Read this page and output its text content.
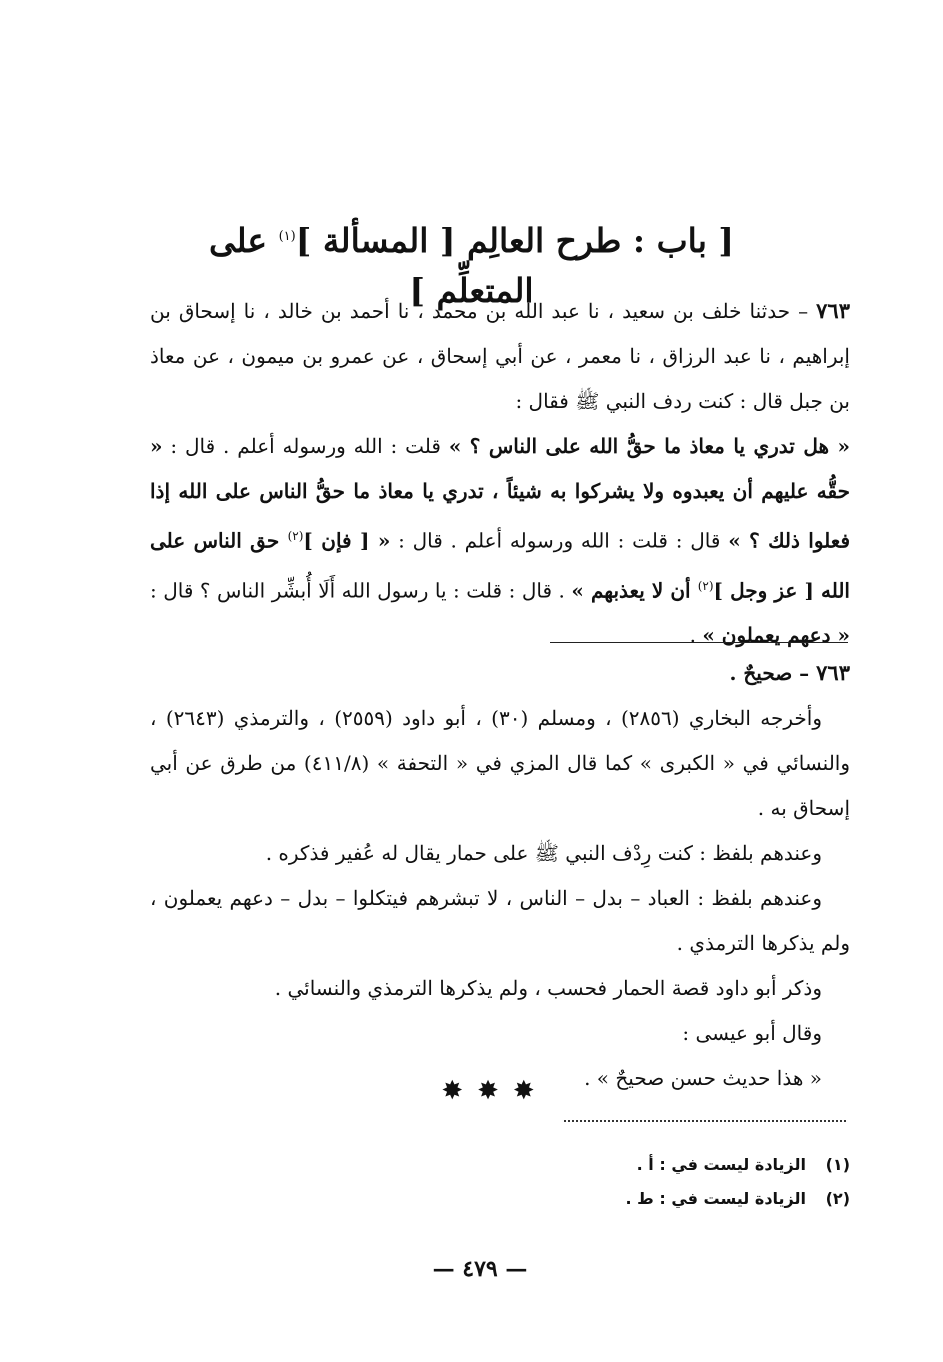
[ باب : طرح العالِم [ المسألة ]$^{(١)}$ على المتعلِّم ]

٧٦٣ – حدثنا خلف بن سعيد ، نا عبد الله بن محمد ، نا أحمد بن خالد ، نا إسحاق بن إبراهيم ، نا عبد الرزاق ، نا معمر ، عن أبي إسحاق ، عن عمرو بن ميمون ، عن معاذ بن جبل قال : كنت ردف النبي ﷺ فقال :

« هل تدري يا معاذ ما حقُّ الله على الناس ؟ » قلت : الله ورسوله أعلم . قال : « حقُّه عليهم أن يعبدوه ولا يشركوا به شيئاً ، تدري يا معاذ ما حقُّ الناس على الله إذا فعلوا ذلك ؟ » قال : قلت : الله ورسوله أعلم . قال : « [ فإن ]$^{(٢)}$ حق الناس على الله [ عز وجل ]$^{(٢)}$ أن لا يعذبهم » . قال : قلت : يا رسول الله أَلَا أُبشِّر الناس ؟ قال : « دعهم يعملون » .

٧٦٣ – صحيحٌ .

وأخرجه البخاري (٢٨٥٦) ، ومسلم (٣٠) ، أبو داود (٢٥٥٩) ، والترمذي (٢٦٤٣) ، والنسائي في « الكبرى » كما قال المزي في « التحفة » (٤١١/٨) من طرق عن أبي إسحاق به .

وعندهم بلفظ : كنت رِدْف النبي ﷺ على حمار يقال له عُفير فذكره .

وعندهم بلفظ : العباد – بدل – الناس ، لا تبشرهم فيتكلوا – بدل – دعهم يعملون ، ولم يذكرها الترمذي .

وذكر أبو داود قصة الحمار فحسب ، ولم يذكرها الترمذي والنسائي .

وقال أبو عيسى :

« هذا حديث حسن صحيحٌ » .

✸✸✸

(١)الزيادة ليست في : أ .

(٢)الزيادة ليست في : ط .

— ٤٧٩ —
